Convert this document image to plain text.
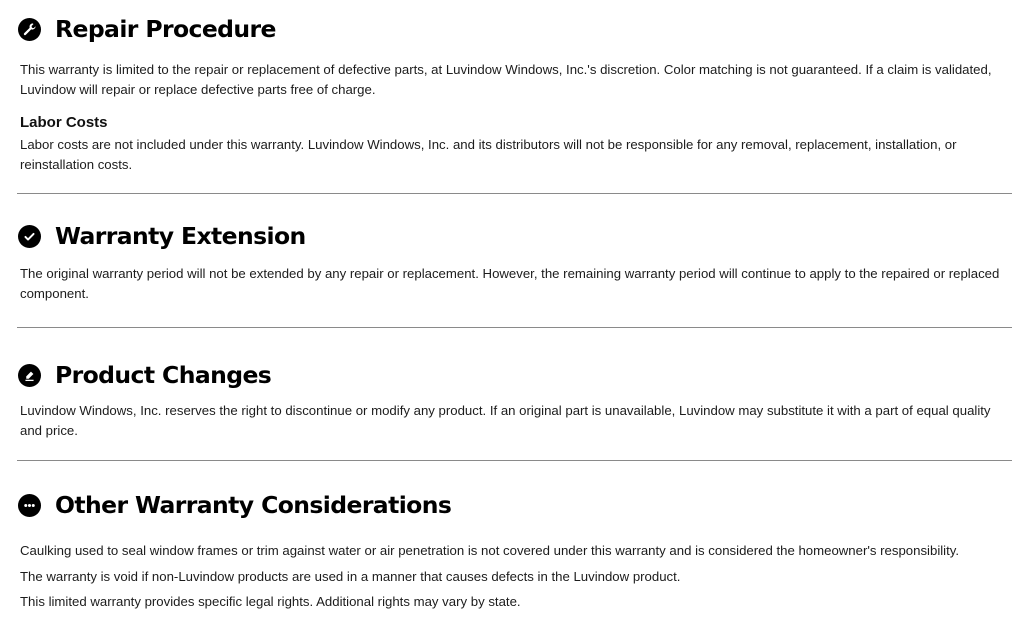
Repair Procedure

This warranty is limited to the repair or replacement of defective parts, at Luvindow Windows, Inc.'s discretion. Color matching is not guaranteed. If a claim is validated, Luvindow will repair or replace defective parts free of charge.

Labor Costs

Labor costs are not included under this warranty. Luvindow Windows, Inc. and its distributors will not be responsible for any removal, replacement, installation, or reinstallation costs.

Warranty Extension

The original warranty period will not be extended by any repair or replacement. However, the remaining warranty period will continue to apply to the repaired or replaced component.

Product Changes

Luvindow Windows, Inc. reserves the right to discontinue or modify any product. If an original part is unavailable, Luvindow may substitute it with a part of equal quality and price.

Other Warranty Considerations

Caulking used to seal window frames or trim against water or air penetration is not covered under this warranty and is considered the homeowner's responsibility.

The warranty is void if non-Luvindow products are used in a manner that causes defects in the Luvindow product.

This limited warranty provides specific legal rights. Additional rights may vary by state.
